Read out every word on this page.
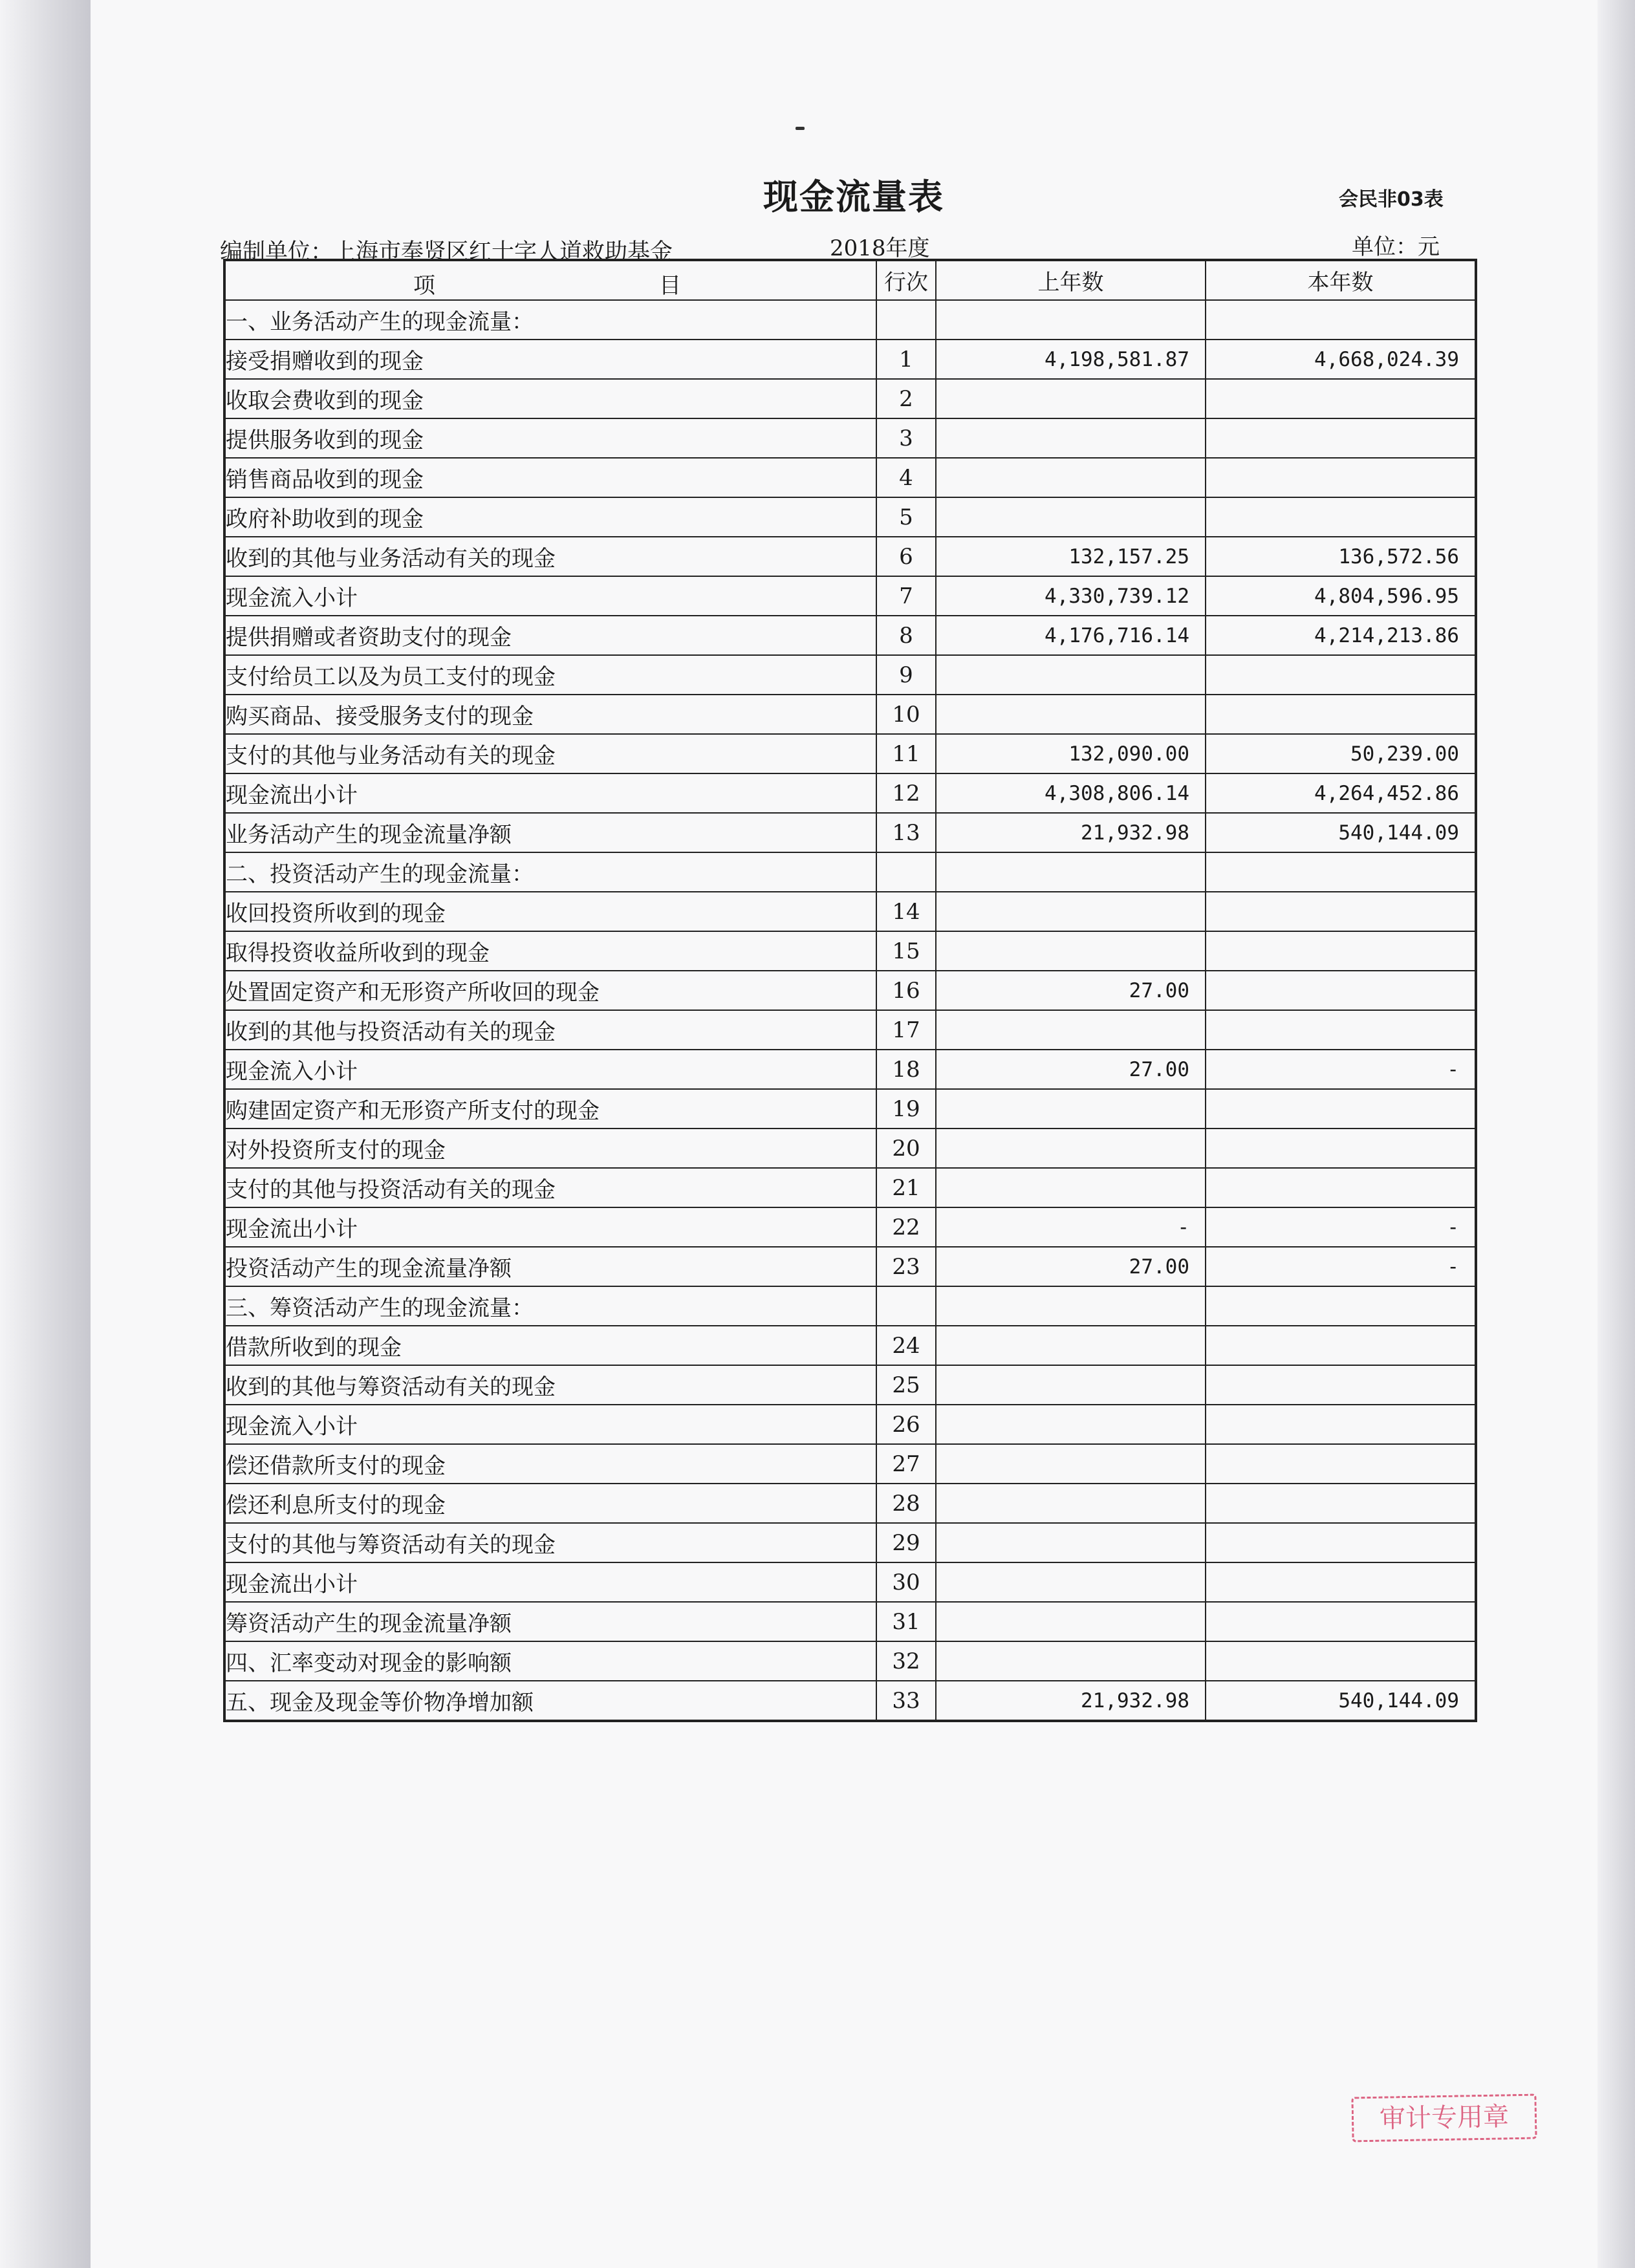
现金流量表	会民非03表
编制单位：上海市奉贤区红十字人道救助基金	2018年度	单位：元
项 目	行次	上年数	本年数
一、业务活动产生的现金流量：			
接受捐赠收到的现金	1	4,198,581.87	4,668,024.39
收取会费收到的现金	2		
提供服务收到的现金	3		
销售商品收到的现金	4		
政府补助收到的现金	5		
收到的其他与业务活动有关的现金	6	132,157.25	136,572.56
现金流入小计	7	4,330,739.12	4,804,596.95
提供捐赠或者资助支付的现金	8	4,176,716.14	4,214,213.86
支付给员工以及为员工支付的现金	9		
购买商品、接受服务支付的现金	10		
支付的其他与业务活动有关的现金	11	132,090.00	50,239.00
现金流出小计	12	4,308,806.14	4,264,452.86
业务活动产生的现金流量净额	13	21,932.98	540,144.09
二、投资活动产生的现金流量：			
收回投资所收到的现金	14		
取得投资收益所收到的现金	15		
处置固定资产和无形资产所收回的现金	16	27.00	
收到的其他与投资活动有关的现金	17		
现金流入小计	18	27.00	-
购建固定资产和无形资产所支付的现金	19		
对外投资所支付的现金	20		
支付的其他与投资活动有关的现金	21		
现金流出小计	22	-	-
投资活动产生的现金流量净额	23	27.00	-
三、筹资活动产生的现金流量：			
借款所收到的现金	24		
收到的其他与筹资活动有关的现金	25		
现金流入小计	26		
偿还借款所支付的现金	27		
偿还利息所支付的现金	28		
支付的其他与筹资活动有关的现金	29		
现金流出小计	30		
筹资活动产生的现金流量净额	31		
四、汇率变动对现金的影响额	32		
五、现金及现金等价物净增加额	33	21,932.98	540,144.09
审计专用章
